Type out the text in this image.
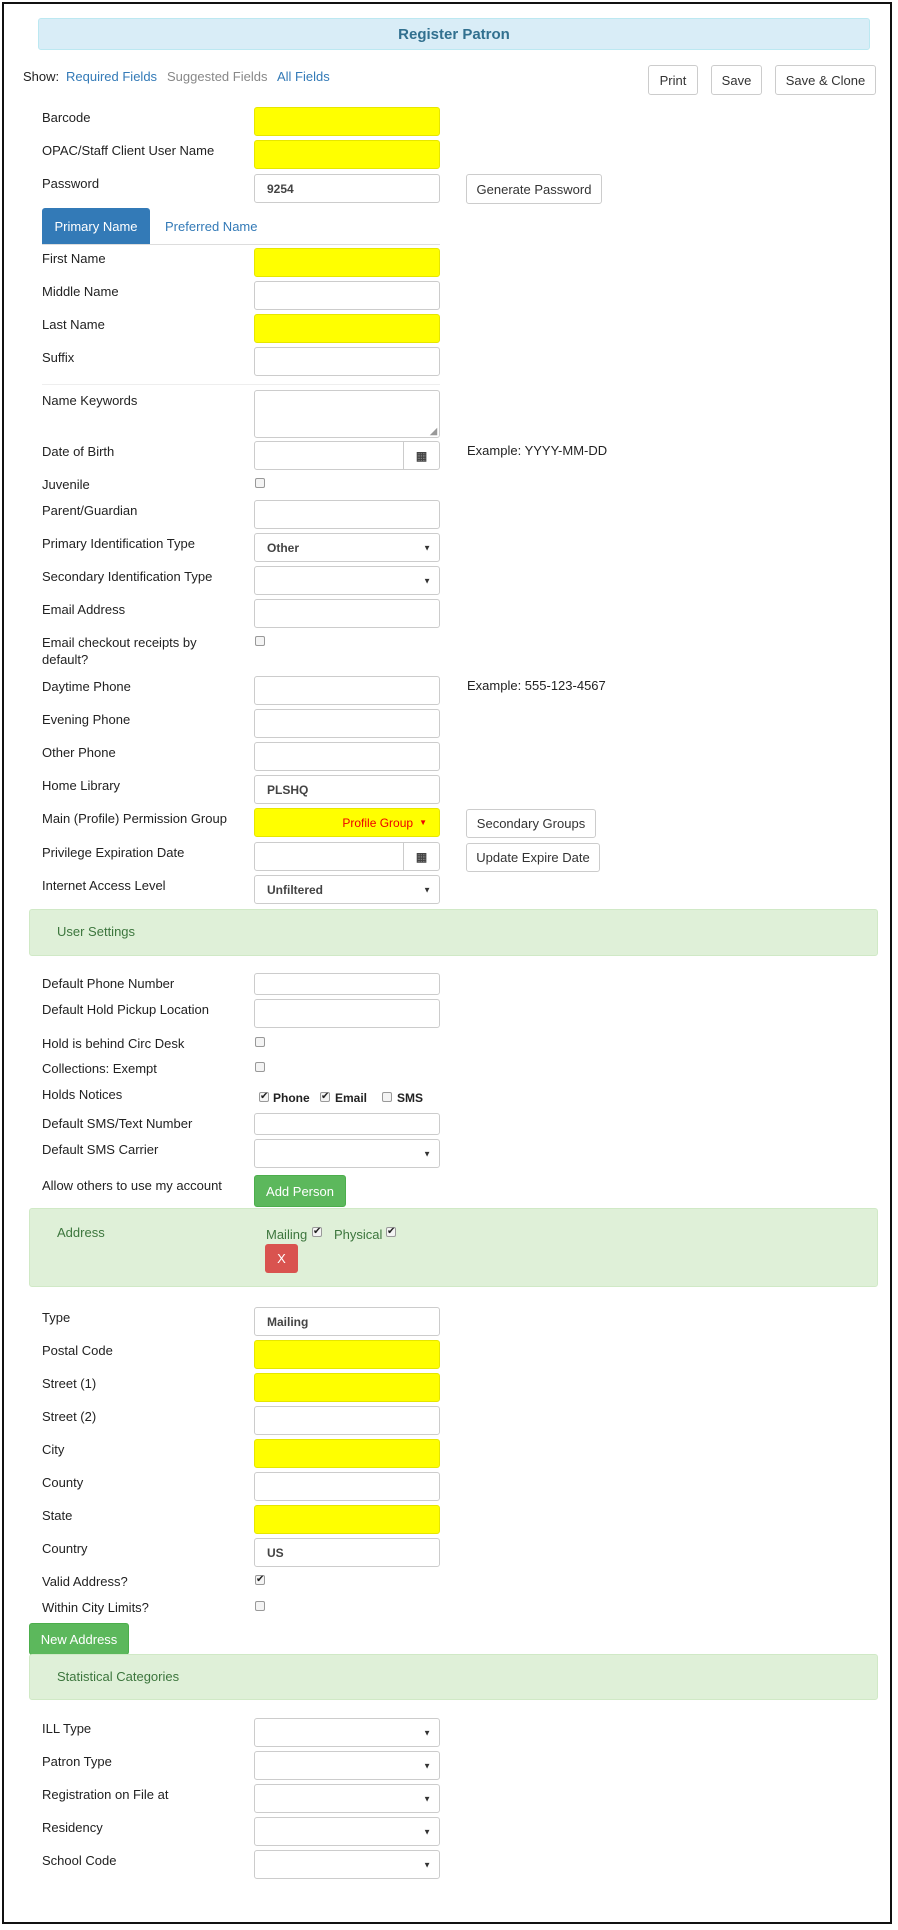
Register Patron
Show: Required Fields Suggested Fields All Fields	Print	Save	Save & Clone
Barcode
OPAC/Staff Client User Name
Password	9254	Generate Password
Primary Name	Preferred Name
First Name
Middle Name
Last Name
Suffix
Name Keywords
◢
Date of Birth	▦	Example: YYYY-MM-DD
Juvenile
Parent/Guardian
Primary Identification Type	Other	▼
Secondary Identification Type	▼
Email Address
Email checkout receipts by
default?
Daytime Phone	Example: 555-123-4567
Evening Phone
Other Phone
Home Library	PLSHQ
Main (Profile) Permission Group	Profile Group ▼	Secondary Groups
Privilege Expiration Date	▦	Update Expire Date
Internet Access Level	Unfiltered	▼
User Settings
Default Phone Number
Default Hold Pickup Location
Hold is behind Circ Desk
Collections: Exempt
Holds Notices	✔ Phone ✔ Email SMS
Default SMS/Text Number
Default SMS Carrier	▼
Allow others to use my account	Add Person
Address	Mailing ✔ Physical ✔
X
Type	Mailing
Postal Code
Street (1)
Street (2)
City
County
State
Country	US
Valid Address?	✔
Within City Limits?
New Address
Statistical Categories
ILL Type	▼
Patron Type	▼
Registration on File at	▼
Residency	▼
School Code	▼
